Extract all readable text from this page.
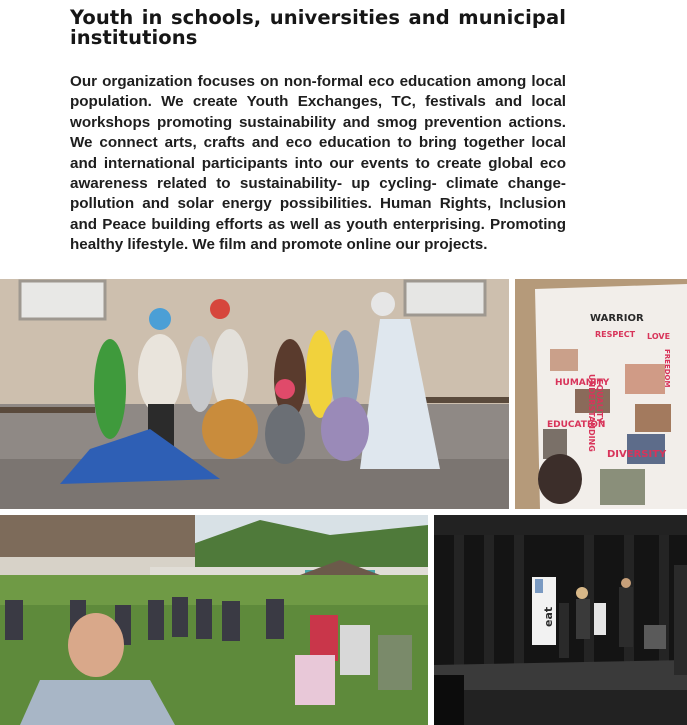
Youth in schools, universities and municipal institutions
Our organization focuses on non-formal eco education among local population. We create Youth Exchanges, TC, festivals and local workshops promoting sustainability and smog prevention actions. We connect arts, crafts and eco education to bring together local and international participants into our events to create global eco awareness related to sustainability- up cycling- climate change- pollution and solar energy possibilities. Human Rights, Inclusion and Peace building efforts as well as youth enterprising. Promoting healthy lifestyle. We film and promote online our projects.
WARRIOR
RESPECT
HUMANITY
EQUALITY
EDUCATION
UNDERSTANDING
DIVERSITY
FREEDOM
LOVE
eat
